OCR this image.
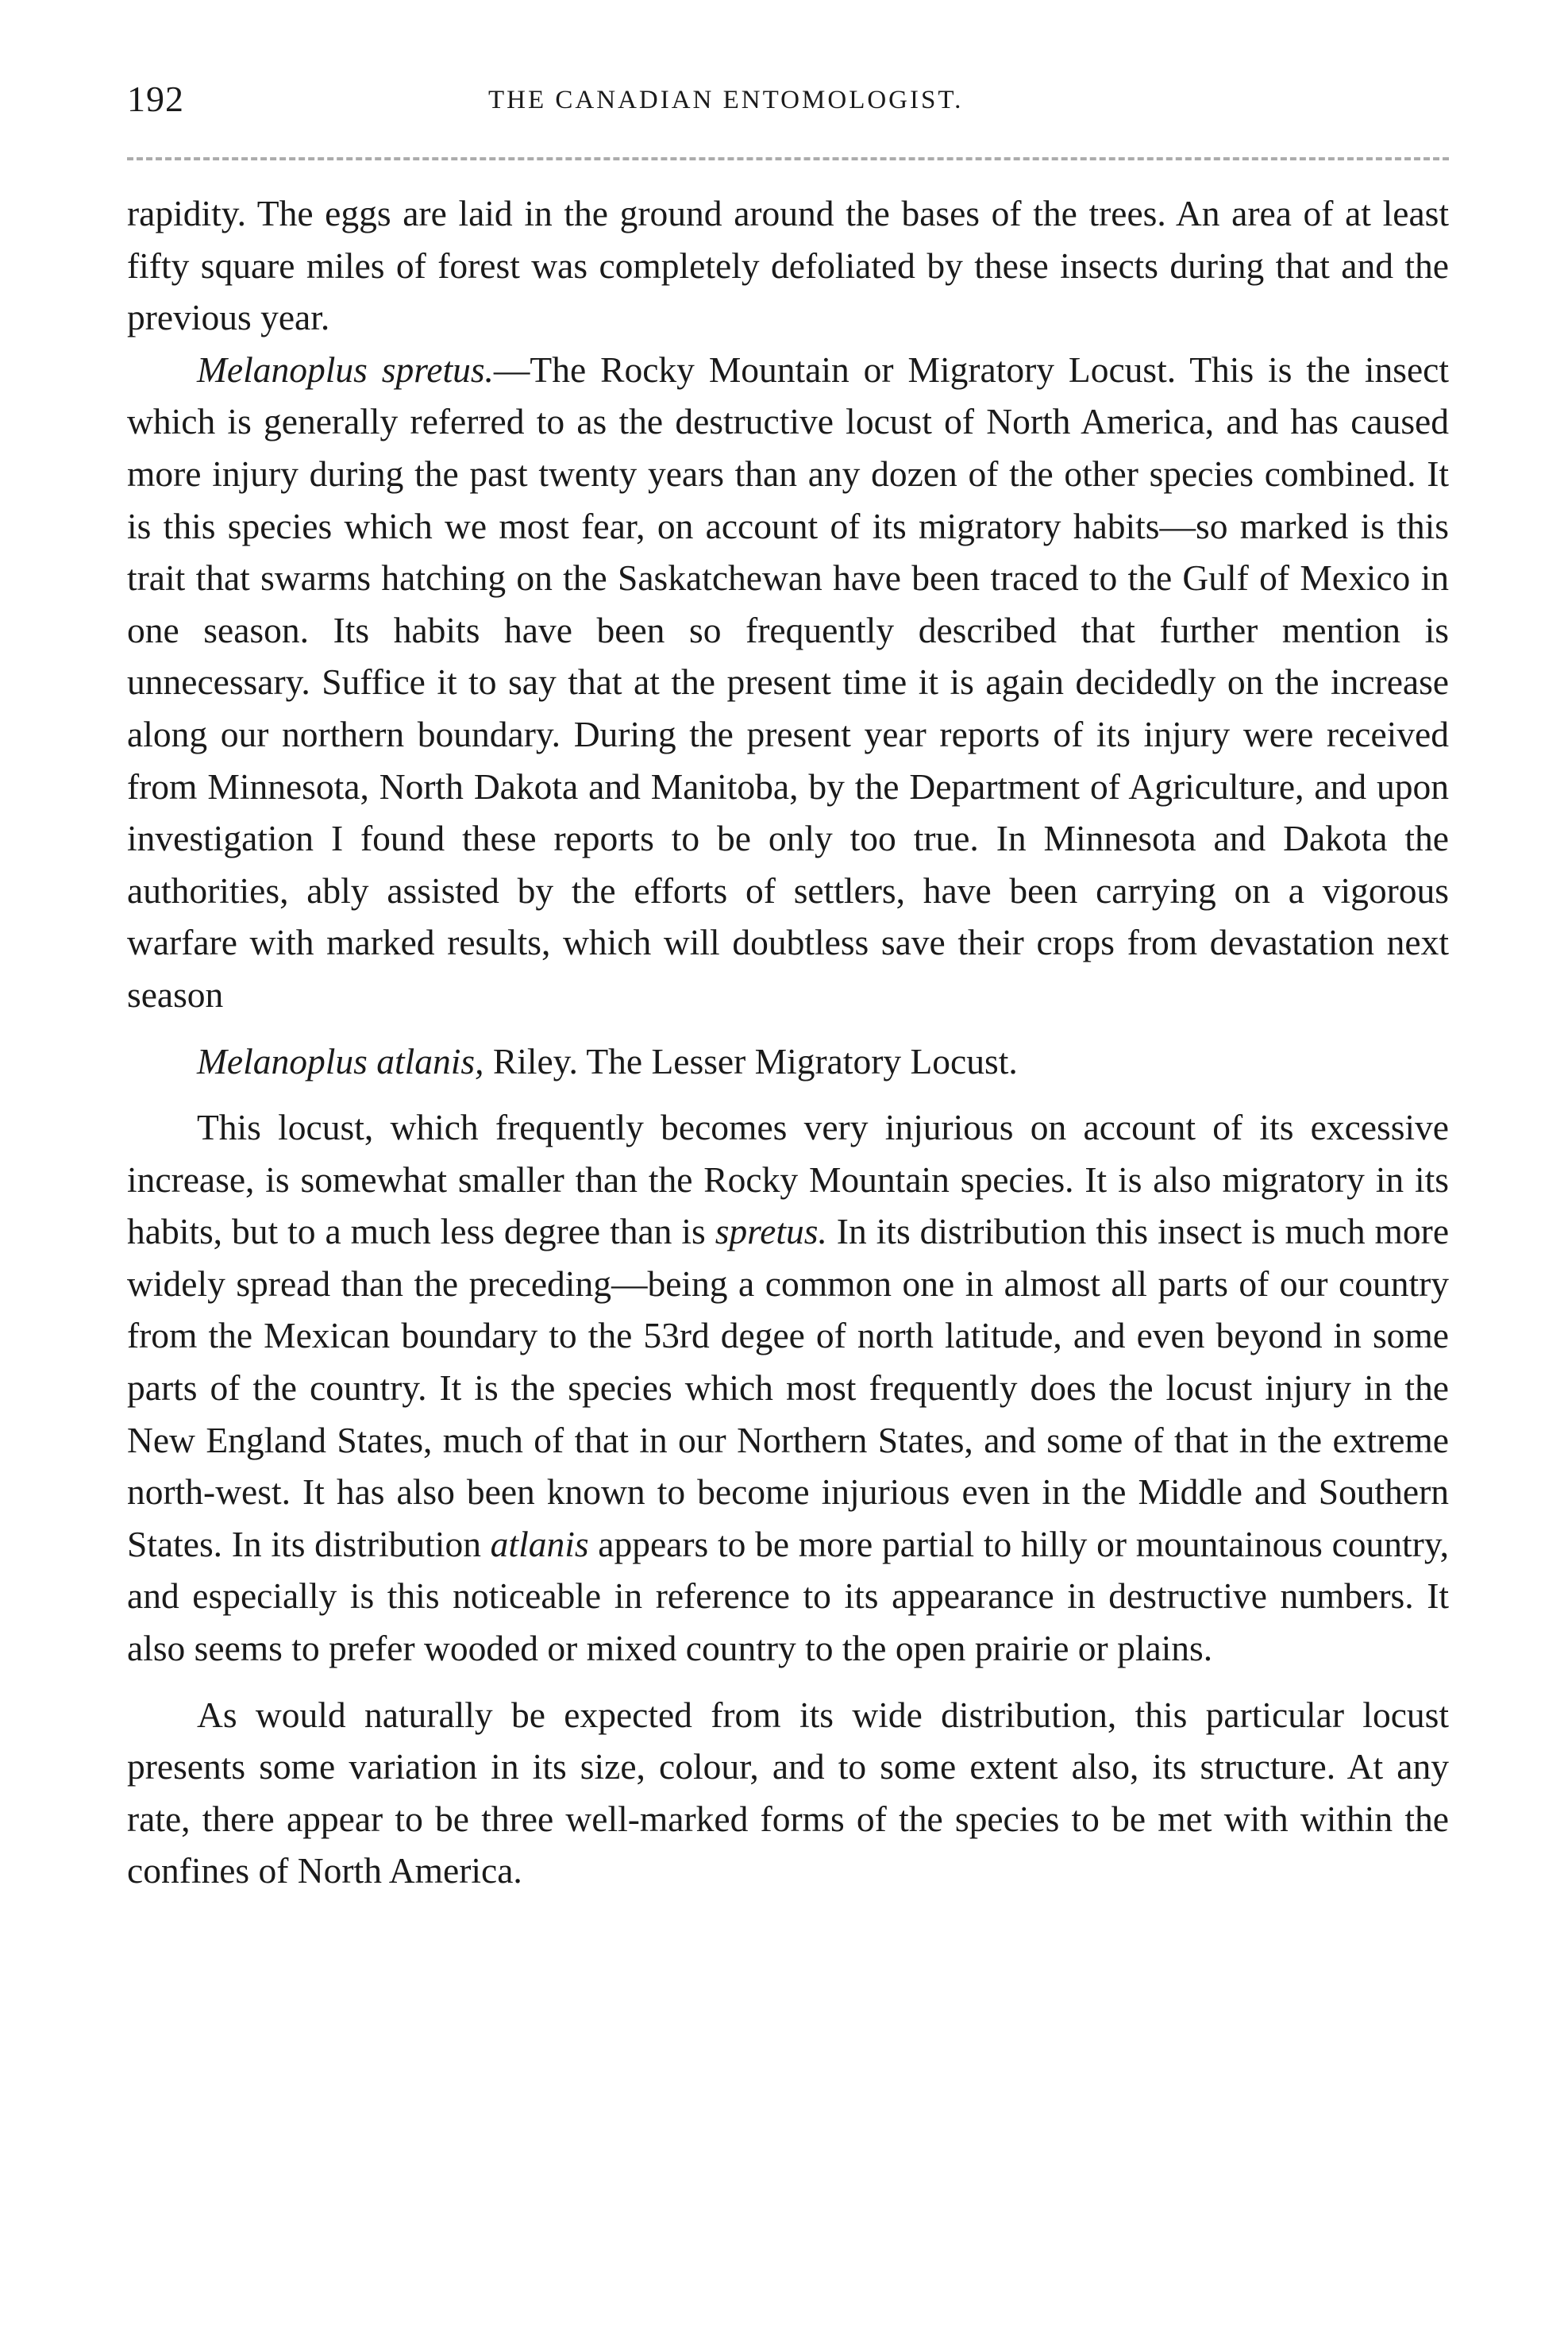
192	THE CANADIAN ENTOMOLOGIST.

rapidity. The eggs are laid in the ground around the bases of the trees. An area of at least fifty square miles of forest was completely defoliated by these insects during that and the previous year.

Melanoplus spretus.—The Rocky Mountain or Migratory Locust. This is the insect which is generally referred to as the destructive locust of North America, and has caused more injury during the past twenty years than any dozen of the other species combined. It is this species which we most fear, on account of its migratory habits—so marked is this trait that swarms hatching on the Saskatchewan have been traced to the Gulf of Mexico in one season. Its habits have been so frequently described that further mention is unnecessary. Suffice it to say that at the present time it is again decidedly on the increase along our northern boundary. During the present year reports of its injury were received from Minnesota, North Dakota and Manitoba, by the Department of Agriculture, and upon investigation I found these reports to be only too true. In Minnesota and Dakota the authorities, ably assisted by the efforts of settlers, have been carrying on a vigorous warfare with marked results, which will doubtless save their crops from devastation next season

Melanoplus atlanis, Riley. The Lesser Migratory Locust.

This locust, which frequently becomes very injurious on account of its excessive increase, is somewhat smaller than the Rocky Mountain species. It is also migratory in its habits, but to a much less degree than is spretus. In its distribution this insect is much more widely spread than the preceding—being a common one in almost all parts of our country from the Mexican boundary to the 53rd degee of north latitude, and even beyond in some parts of the country. It is the species which most frequently does the locust injury in the New England States, much of that in our Northern States, and some of that in the extreme north-west. It has also been known to become injurious even in the Middle and Southern States. In its distribution atlanis appears to be more partial to hilly or mountainous country, and especially is this noticeable in reference to its appearance in destructive numbers. It also seems to prefer wooded or mixed country to the open prairie or plains.

As would naturally be expected from its wide distribution, this particular locust presents some variation in its size, colour, and to some extent also, its structure. At any rate, there appear to be three well-marked forms of the species to be met with within the confines of North America.
